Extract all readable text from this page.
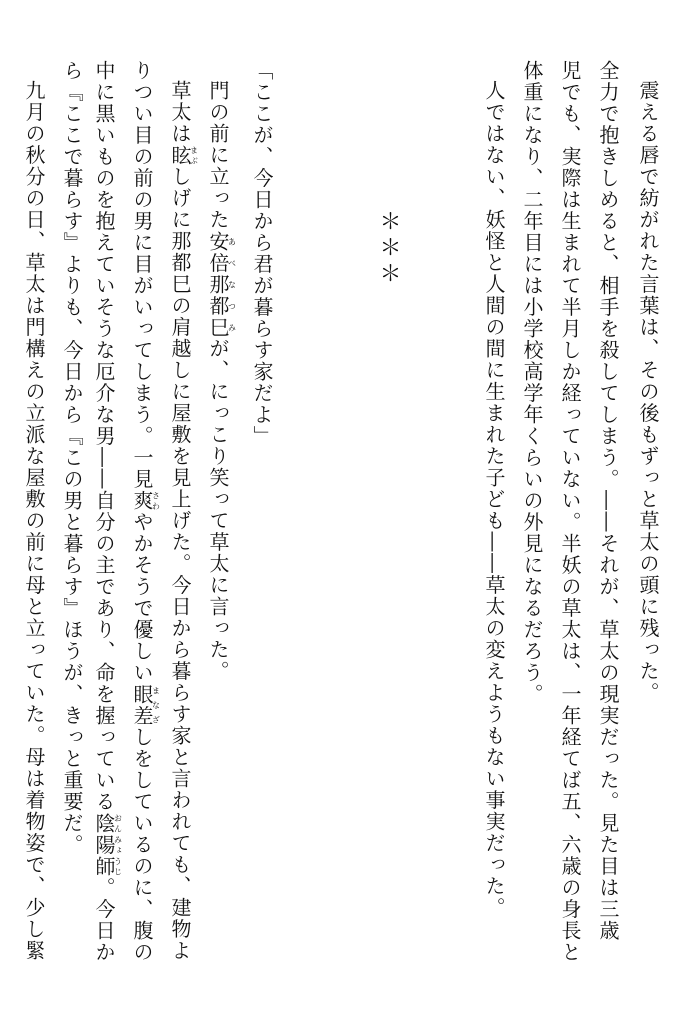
震える唇で紡がれた言葉は、その後もずっと草太の頭に残った。
全力で抱きしめると、相手を殺してしまう。――それが、草太の現実だった。見た目は三歳
児でも、実際は生まれて半月しか経っていない。半妖の草太は、一年経てば五、六歳の身長と
体重になり、二年目には小学校高学年くらいの外見になるだろう。
人ではない、妖怪と人間の間に生まれた子ども――草太の変えようもない事実だった。
＊＊＊
「ここが、今日から君が暮らす家だよ」
門の前に立った安倍那都巳あべなつみが、にっこり笑って草太に言った。
草太は眩まぶしげに那都巳の肩越しに屋敷を見上げた。今日から暮らす家と言われても、建物よ
りつい目の前の男に目がいってしまう。一見爽さわやかそうで優しい眼差まなざしをしているのに、腹の
中に黒いものを抱えていそうな厄介な男――自分の主であり、命を握っている陰陽師おんみょうじ。今日か
ら『ここで暮らす』よりも、今日から『この男と暮らす』ほうが、きっと重要だ。
九月の秋分の日、草太は門構えの立派な屋敷の前に母と立っていた。母は着物姿で、少し緊
